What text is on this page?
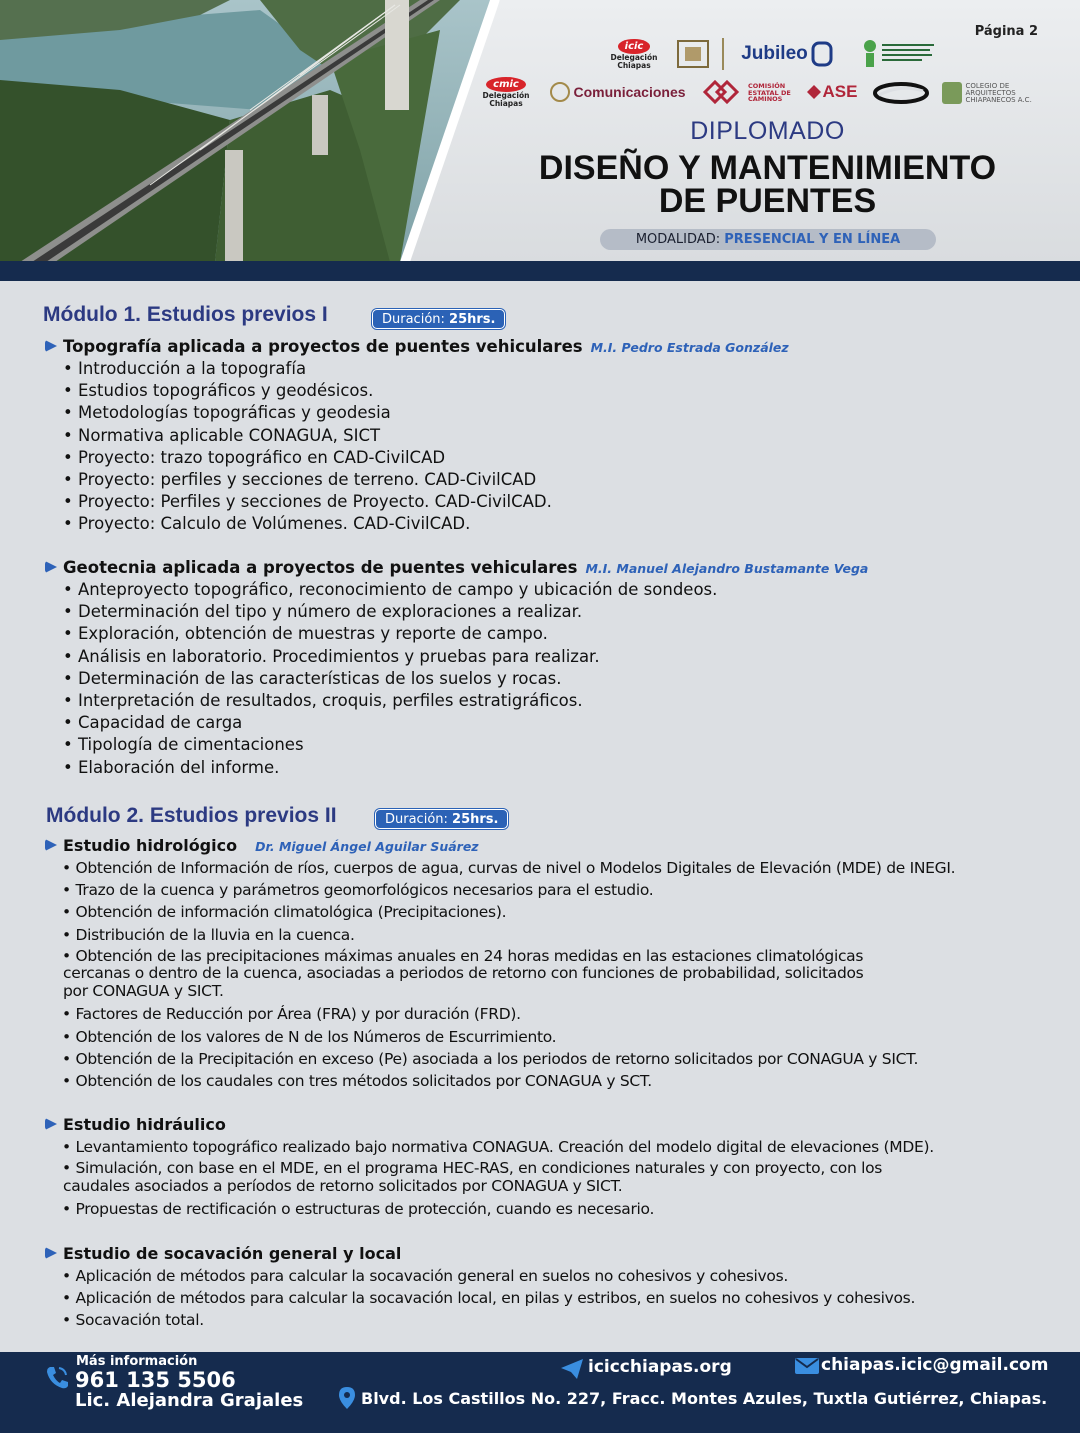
Página 2
icic
Delegación Chiapas
Jubileo
cmic
Delegación Chiapas
Comunicaciones	COMISIÓN ESTATAL DE CAMINOS	ASE	COLEGIO DE ARQUITECTOS CHIAPANECOS A.C.
DIPLOMADO
DISEÑO Y MANTENIMIENTO
DE PUENTES
MODALIDAD: PRESENCIAL Y EN LÍNEA
Módulo 1. Estudios previos I	Duración: 25hrs.
Topografía aplicada a proyectos de puentes vehiculares M.I. Pedro Estrada González
• Introducción a la topografía
• Estudios topográficos y geodésicos.
• Metodologías topográficas y geodesia
• Normativa aplicable CONAGUA, SICT
• Proyecto: trazo topográfico en CAD-CivilCAD
• Proyecto: perfiles y secciones de terreno. CAD-CivilCAD
• Proyecto: Perfiles y secciones de Proyecto. CAD-CivilCAD.
• Proyecto: Calculo de Volúmenes. CAD-CivilCAD.
Geotecnia aplicada a proyectos de puentes vehiculares M.I. Manuel Alejandro Bustamante Vega
• Anteproyecto topográfico, reconocimiento de campo y ubicación de sondeos.
• Determinación del tipo y número de exploraciones a realizar.
• Exploración, obtención de muestras y reporte de campo.
• Análisis en laboratorio. Procedimientos y pruebas para realizar.
• Determinación de las características de los suelos y rocas.
• Interpretación de resultados, croquis, perfiles estratigráficos.
• Capacidad de carga
• Tipología de cimentaciones
• Elaboración del informe.
Módulo 2. Estudios previos II	Duración: 25hrs.
Estudio hidrológico Dr. Miguel Ángel Aguilar Suárez
• Obtención de Información de ríos, cuerpos de agua, curvas de nivel o Modelos Digitales de Elevación (MDE) de INEGI.
• Trazo de la cuenca y parámetros geomorfológicos necesarios para el estudio.
• Obtención de información climatológica (Precipitaciones).
• Distribución de la lluvia en la cuenca.
• Obtención de las precipitaciones máximas anuales en 24 horas medidas en las estaciones climatológicas
cercanas o dentro de la cuenca, asociadas a periodos de retorno con funciones de probabilidad, solicitados
por CONAGUA y SICT.
• Factores de Reducción por Área (FRA) y por duración (FRD).
• Obtención de los valores de N de los Números de Escurrimiento.
• Obtención de la Precipitación en exceso (Pe) asociada a los periodos de retorno solicitados por CONAGUA y SICT.
• Obtención de los caudales con tres métodos solicitados por CONAGUA y SCT.
Estudio hidráulico
• Levantamiento topográfico realizado bajo normativa CONAGUA. Creación del modelo digital de elevaciones (MDE).
• Simulación, con base en el MDE, en el programa HEC-RAS, en condiciones naturales y con proyecto, con los
caudales asociados a períodos de retorno solicitados por CONAGUA y SICT.
• Propuestas de rectificación o estructuras de protección, cuando es necesario.
Estudio de socavación general y local
• Aplicación de métodos para calcular la socavación general en suelos no cohesivos y cohesivos.
• Aplicación de métodos para calcular la socavación local, en pilas y estribos, en suelos no cohesivos y cohesivos.
• Socavación total.
Más información
961 135 5506
Lic. Alejandra Grajales
icicchiapas.org	chiapas.icic@gmail.com
Blvd. Los Castillos No. 227, Fracc. Montes Azules, Tuxtla Gutiérrez, Chiapas.
